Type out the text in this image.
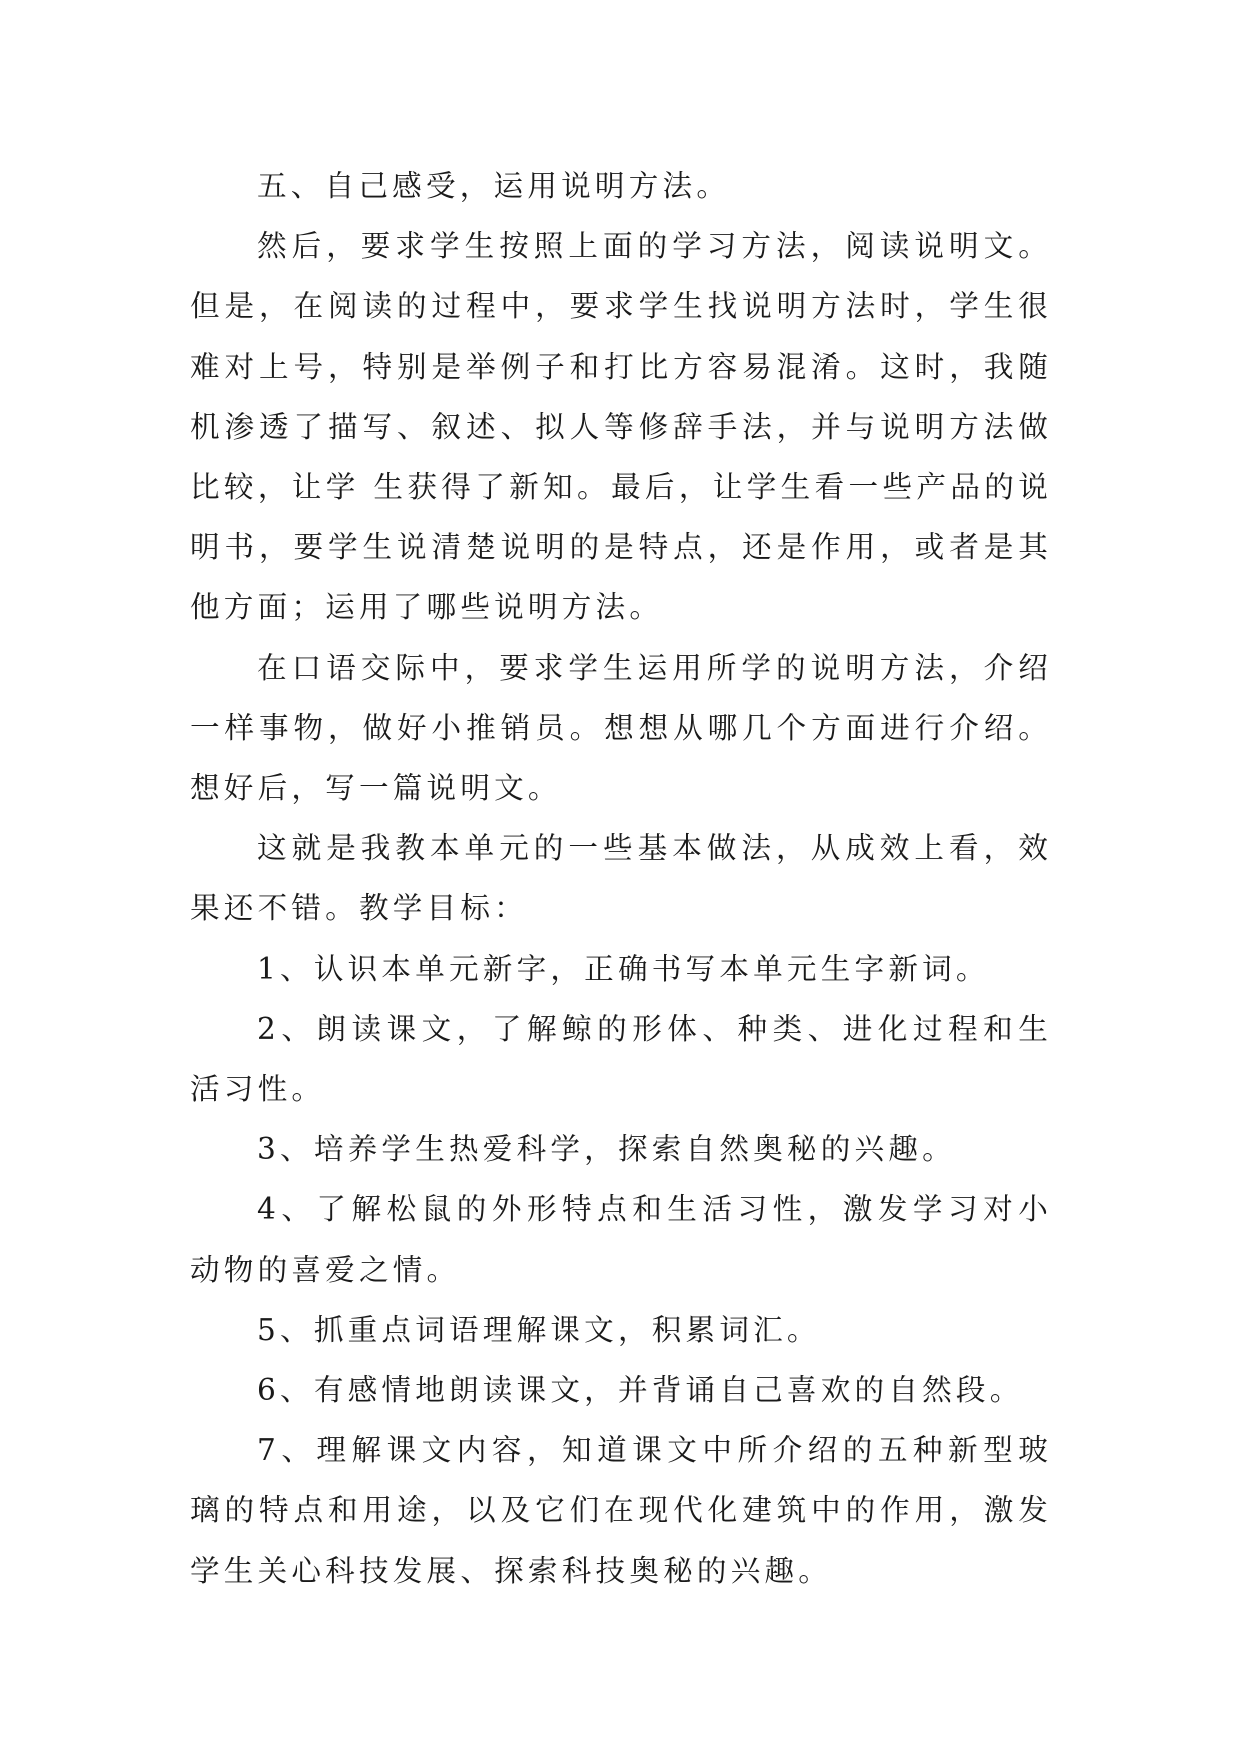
五、自己感受，运用说明方法。

然后，要求学生按照上面的学习方法，阅读说明文。但是，在阅读的过程中，要求学生找说明方法时，学生很难对上号，特别是举例子和打比方容易混淆。这时，我随机渗透了描写、叙述、拟人等修辞手法，并与说明方法做比较，让学 生获得了新知。最后，让学生看一些产品的说明书，要学生说清楚说明的是特点，还是作用，或者是其他方面；运用了哪些说明方法。

在口语交际中，要求学生运用所学的说明方法，介绍一样事物，做好小推销员。想想从哪几个方面进行介绍。想好后，写一篇说明文。

这就是我教本单元的一些基本做法，从成效上看，效果还不错。教学目标：

1、认识本单元新字，正确书写本单元生字新词。

2、朗读课文，了解鲸的形体、种类、进化过程和生活习性。

3、培养学生热爱科学，探索自然奥秘的兴趣。

4、了解松鼠的外形特点和生活习性，激发学习对小动物的喜爱之情。

5、抓重点词语理解课文，积累词汇。

6、有感情地朗读课文，并背诵自己喜欢的自然段。

7、理解课文内容，知道课文中所介绍的五种新型玻璃的特点和用途，以及它们在现代化建筑中的作用，激发学生关心科技发展、探索科技奥秘的兴趣。
